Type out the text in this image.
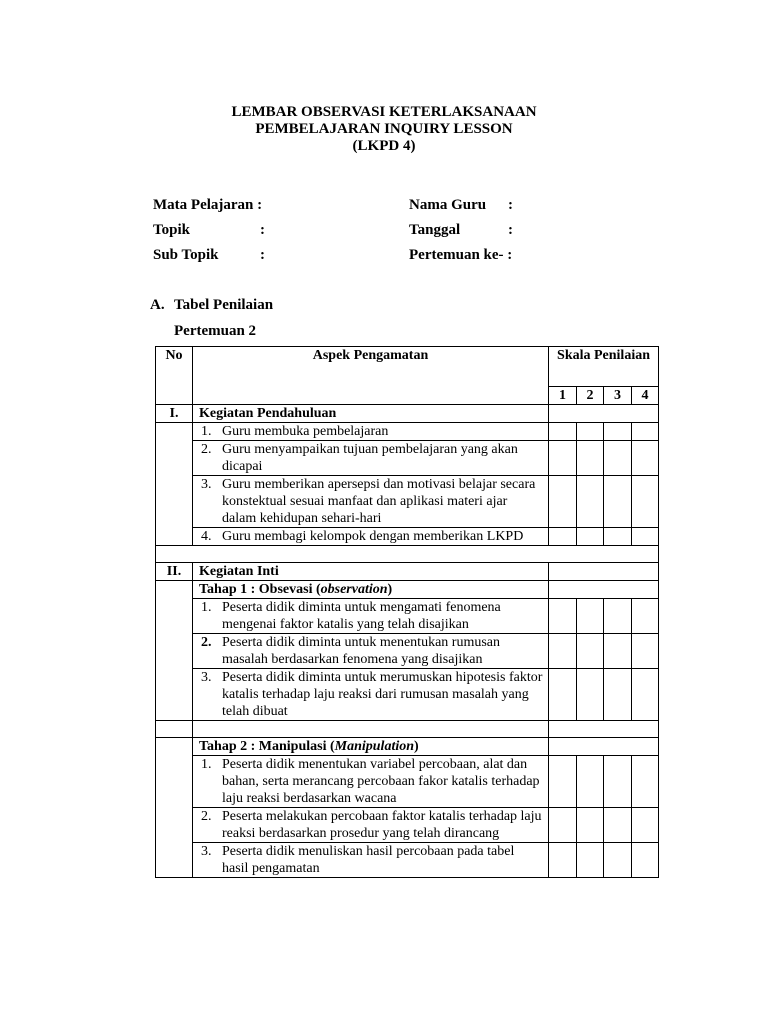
LEMBAR OBSERVASI KETERLAKSANAAN
PEMBELAJARAN INQUIRY LESSON
(LKPD 4)
Mata Pelajaran :
Topik	:
Sub Topik	:
Nama Guru :
Tanggal	:
Pertemuan ke- :
A. Tabel Penilaian
Pertemuan 2
No	Aspek Pengamatan	Skala Penilaian			
		1	2	3	4
I.	Kegiatan Pendahuluan				

	1. Guru membuka pembelajaran				

	2. Guru menyampaikan tujuan pembelajaran yang akan dicapai				

	3. Guru memberikan apersepsi dan motivasi belajar secara konstektual sesuai manfaat dan aplikasi materi ajar dalam kehidupan sehari-hari				

	4. Guru membagi kelompok dengan memberikan LKPD				

II.	Kegiatan Inti				
	Tahap 1 : Obsevasi (observation)				

	1. Peserta didik diminta untuk mengamati fenomena mengenai faktor katalis yang telah disajikan				

	2. Peserta didik diminta untuk menentukan rumusan masalah berdasarkan fenomena yang disajikan				

	3. Peserta didik diminta untuk merumuskan hipotesis faktor katalis terhadap laju reaksi dari rumusan masalah yang telah dibuat				

	Tahap 2 : Manipulasi (Manipulation)				

	1. Peserta didik menentukan variabel percobaan, alat dan bahan, serta merancang percobaan fakor katalis terhadap laju reaksi berdasarkan wacana				

	2. Peserta melakukan percobaan faktor katalis terhadap laju reaksi berdasarkan prosedur yang telah dirancang				

	3. Peserta didik menuliskan hasil percobaan pada tabel hasil pengamatan				
